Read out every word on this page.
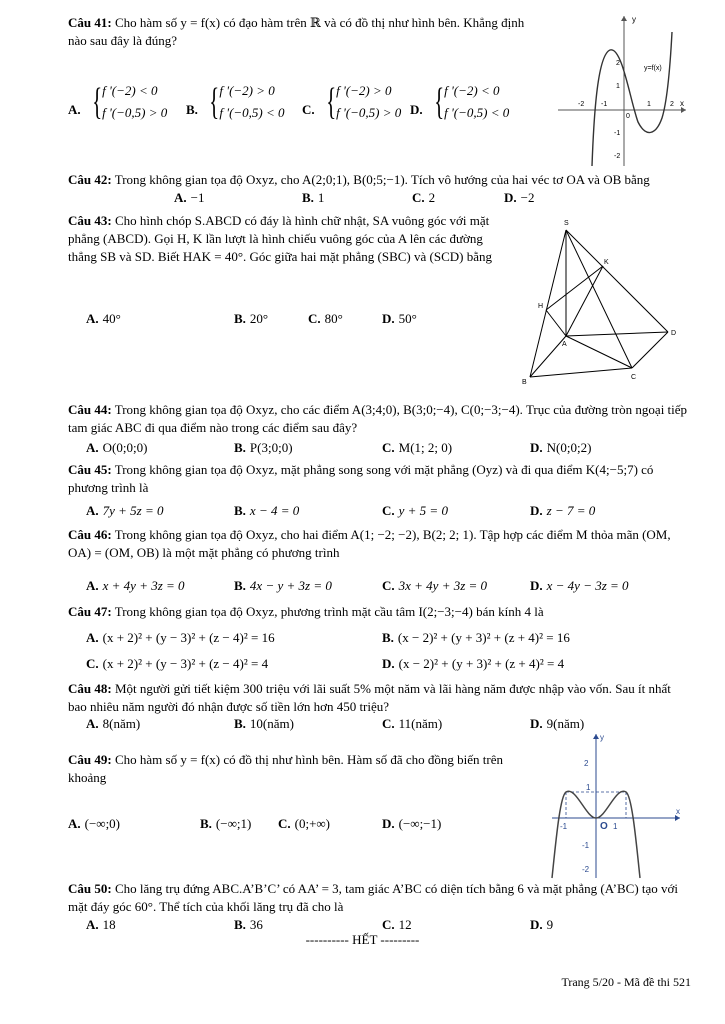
Câu 41: Cho hàm số y = f(x) có đạo hàm trên ℝ và có đồ thị như hình bên. Khẳng định nào sau đây là đúng?
A. { f '(−2) < 0
f '(−0,5) > 0 B. { f '(−2) > 0
f '(−0,5) < 0 C. { f '(−2) > 0
f '(−0,5) > 0 D. { f '(−2) < 0
f '(−0,5) < 0
y
x
0
-2 -1	1	2
2
1
-1
-2
y=f(x)
Câu 42: Trong không gian tọa độ Oxyz, cho A(2;0;1), B(0;5;−1). Tích vô hướng của hai véc tơ OA và OB bằng
A. −1	B. 1	C. 2	D. −2
Câu 43: Cho hình chóp S.ABCD có đáy là hình chữ nhật, SA vuông góc với mặt phẳng (ABCD). Gọi H, K lần lượt là hình chiếu vuông góc của A lên các đường thẳng SB và SD. Biết HAK = 40°. Góc giữa hai mặt phẳng (SBC) và (SCD) bằng
A. 40°	B. 20°	C. 80°	D. 50°
S
K
H
A
D
B
C
Câu 44: Trong không gian tọa độ Oxyz, cho các điểm A(3;4;0), B(3;0;−4), C(0;−3;−4). Trục của đường tròn ngoại tiếp tam giác ABC đi qua điểm nào trong các điểm sau đây?
A. O(0;0;0)	B. P(3;0;0)	C. M(1; 2; 0)	D. N(0;0;2)
Câu 45: Trong không gian tọa độ Oxyz, mặt phẳng song song với mặt phẳng (Oyz) và đi qua điểm K(4;−5;7) có phương trình là
A. 7y + 5z = 0	B. x − 4 = 0	C. y + 5 = 0	D. z − 7 = 0
Câu 46: Trong không gian tọa độ Oxyz, cho hai điểm A(1; −2; −2), B(2; 2; 1). Tập hợp các điểm M thỏa mãn (OM, OA) = (OM, OB) là một mặt phẳng có phương trình
A. x + 4y + 3z = 0	B. 4x − y + 3z = 0	C. 3x + 4y + 3z = 0	D. x − 4y − 3z = 0
Câu 47: Trong không gian tọa độ Oxyz, phương trình mặt cầu tâm I(2;−3;−4) bán kính 4 là
A. (x + 2)² + (y − 3)² + (z − 4)² = 16	B. (x − 2)² + (y + 3)² + (z + 4)² = 16
C. (x + 2)² + (y − 3)² + (z − 4)² = 4	D. (x − 2)² + (y + 3)² + (z + 4)² = 4
Câu 48: Một người gửi tiết kiệm 300 triệu với lãi suất 5% một năm và lãi hàng năm được nhập vào vốn. Sau ít nhất bao nhiêu năm người đó nhận được số tiền lớn hơn 450 triệu?
A. 8(năm)	B. 10(năm)	C. 11(năm)	D. 9(năm)
Câu 49: Cho hàm số y = f(x) có đồ thị như hình bên. Hàm số đã cho đồng biến trên khoảng
A. (−∞;0)	B. (−∞;1) C. (0;+∞)	D. (−∞;−1)
y
x
O
-1	1
2
1
-1
-2
Câu 50: Cho lăng trụ đứng ABC.A’B’C’ có AA’ = 3, tam giác A’BC có diện tích bằng 6 và mặt phẳng (A’BC) tạo với mặt đáy góc 60°. Thể tích của khối lăng trụ đã cho là
A. 18	B. 36	C. 12	D. 9
---------- HẾT ---------
Trang 5/20 - Mã đề thi 521
